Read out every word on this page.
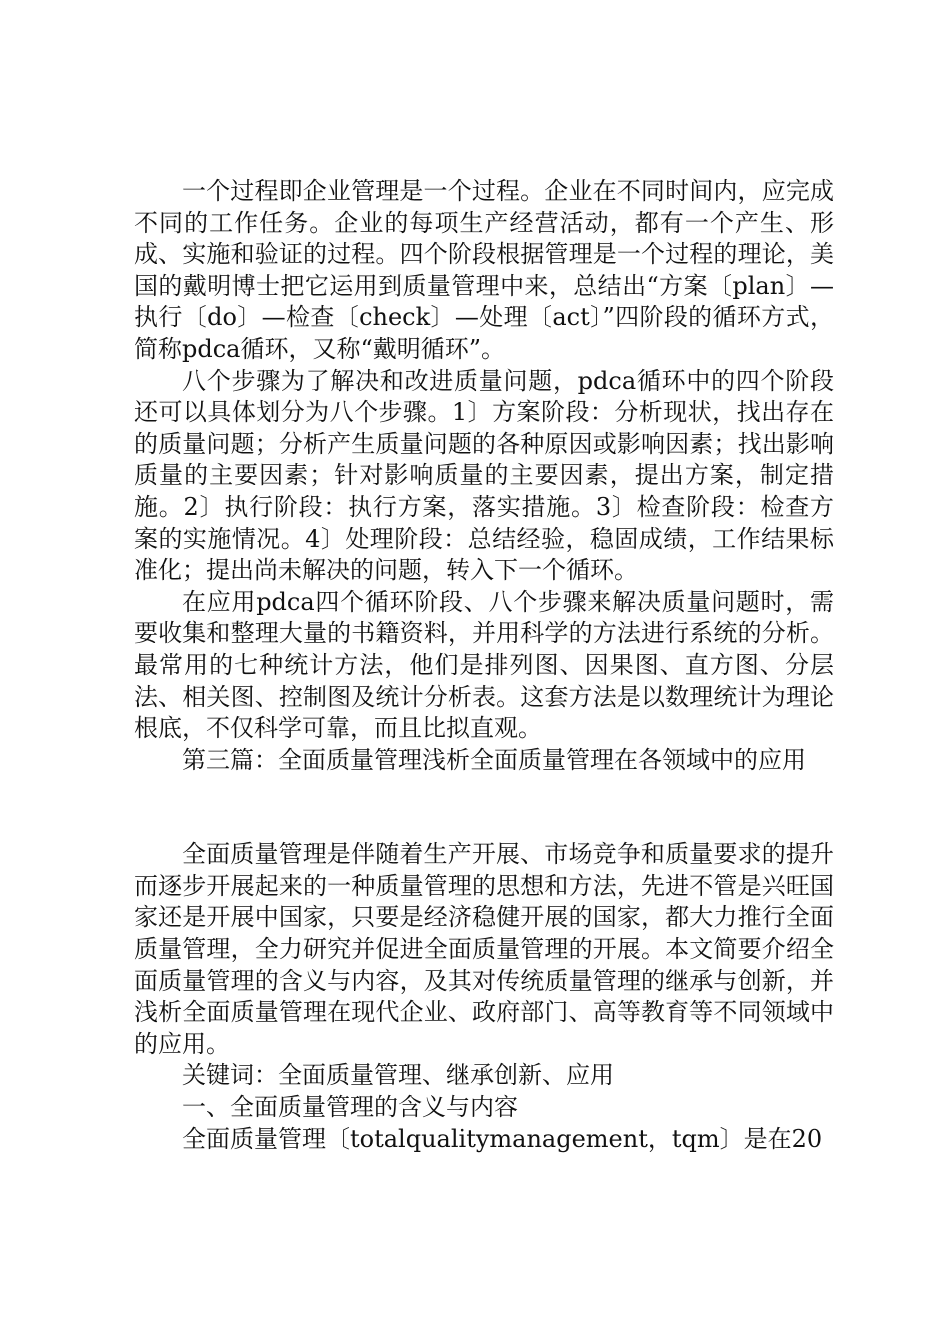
一个过程即企业管理是一个过程。企业在不同时间内，应完成不同的工作任务。企业的每项生产经营活动，都有一个产生、形成、实施和验证的过程。四个阶段根据管理是一个过程的理论，美国的戴明博士把它运用到质量管理中来，总结出“方案〔plan〕—执行〔do〕—检查〔check〕—处理〔act〕”四阶段的循环方式，简称pdca循环，又称“戴明循环”。

八个步骤为了解决和改进质量问题，pdca循环中的四个阶段还可以具体划分为八个步骤。1〕方案阶段：分析现状，找出存在的质量问题；分析产生质量问题的各种原因或影响因素；找出影响质量的主要因素；针对影响质量的主要因素，提出方案，制定措施。2〕执行阶段：执行方案，落实措施。3〕检查阶段：检查方案的实施情况。4〕处理阶段：总结经验，稳固成绩，工作结果标准化；提出尚未解决的问题，转入下一个循环。

在应用pdca四个循环阶段、八个步骤来解决质量问题时，需要收集和整理大量的书籍资料，并用科学的方法进行系统的分析。最常用的七种统计方法，他们是排列图、因果图、直方图、分层法、相关图、控制图及统计分析表。这套方法是以数理统计为理论根底，不仅科学可靠，而且比拟直观。

第三篇：全面质量管理浅析全面质量管理在各领域中的应用

全面质量管理是伴随着生产开展、市场竞争和质量要求的提升而逐步开展起来的一种质量管理的思想和方法，先进不管是兴旺国家还是开展中国家，只要是经济稳健开展的国家，都大力推行全面质量管理，全力研究并促进全面质量管理的开展。本文简要介绍全面质量管理的含义与内容，及其对传统质量管理的继承与创新，并浅析全面质量管理在现代企业、政府部门、高等教育等不同领域中的应用。

关键词：全面质量管理、继承创新、应用

一、全面质量管理的含义与内容

全面质量管理〔totalqualitymanagement，tqm〕是在20
